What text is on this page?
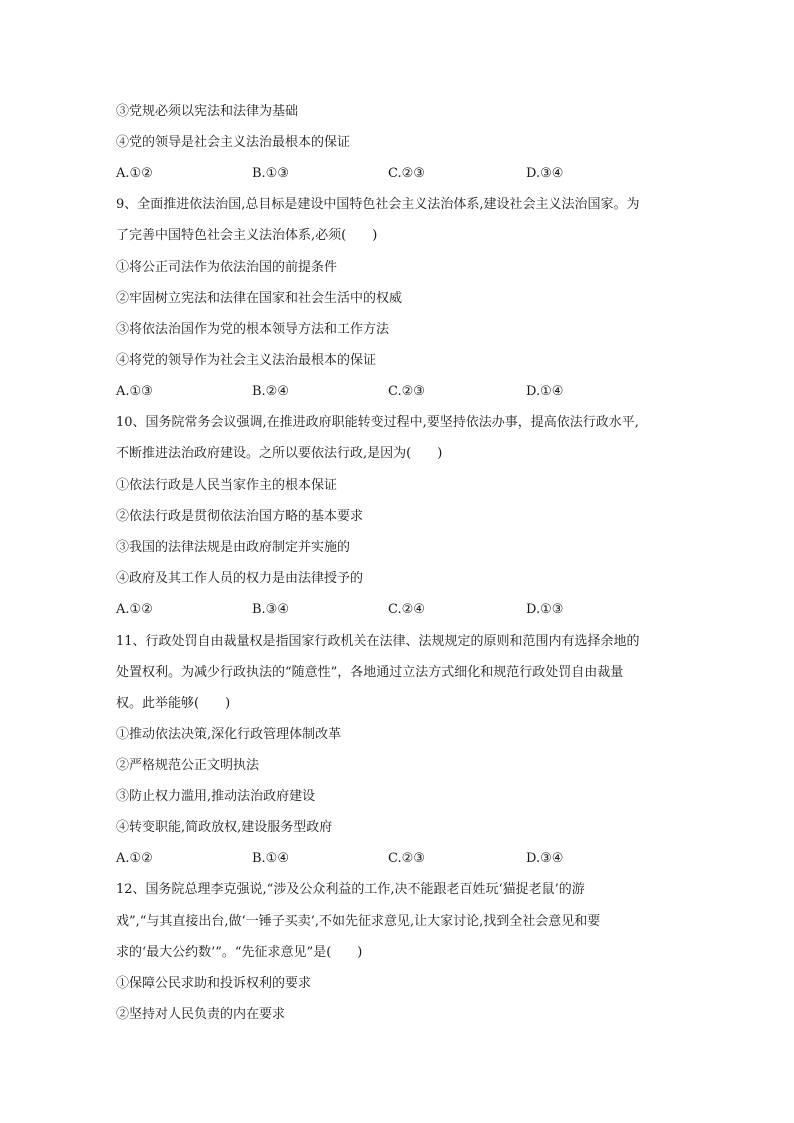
③党规必须以宪法和法律为基础
④党的领导是社会主义法治最根本的保证
A.①②	B.①③	C.②③	D.③④
9、全面推进依法治国,总目标是建设中国特色社会主义法治体系,建设社会主义法治国家。为
了完善中国特色社会主义法治体系,必须(　　)
①将公正司法作为依法治国的前提条件
②牢固树立宪法和法律在国家和社会生活中的权威
③将依法治国作为党的根本领导方法和工作方法
④将党的领导作为社会主义法治最根本的保证
A.①③	B.②④	C.②③	D.①④
10、国务院常务会议强调,在推进政府职能转变过程中,要坚持依法办事，提高依法行政水平,
不断推进法治政府建设。之所以要依法行政,是因为(　　)
①依法行政是人民当家作主的根本保证
②依法行政是贯彻依法治国方略的基本要求
③我国的法律法规是由政府制定并实施的
④政府及其工作人员的权力是由法律授予的
A.①②	B.③④	C.②④	D.①③
11、行政处罚自由裁量权是指国家行政机关在法律、法规规定的原则和范围内有选择余地的
处置权利。为减少行政执法的“随意性”，各地通过立法方式细化和规范行政处罚自由裁量
权。此举能够(　　)
①推动依法决策,深化行政管理体制改革
②严格规范公正文明执法
③防止权力滥用,推动法治政府建设
④转变职能,简政放权,建设服务型政府
A.①②	B.①④	C.②③	D.③④
12、国务院总理李克强说,“涉及公众利益的工作,决不能跟老百姓玩‘猫捉老鼠’的游
戏”,“与其直接出台,做‘一锤子买卖’,不如先征求意见,让大家讨论,找到全社会意见和要
求的‘最大公约数’”。“先征求意见”是(　　)
①保障公民求助和投诉权利的要求
②坚持对人民负责的内在要求
